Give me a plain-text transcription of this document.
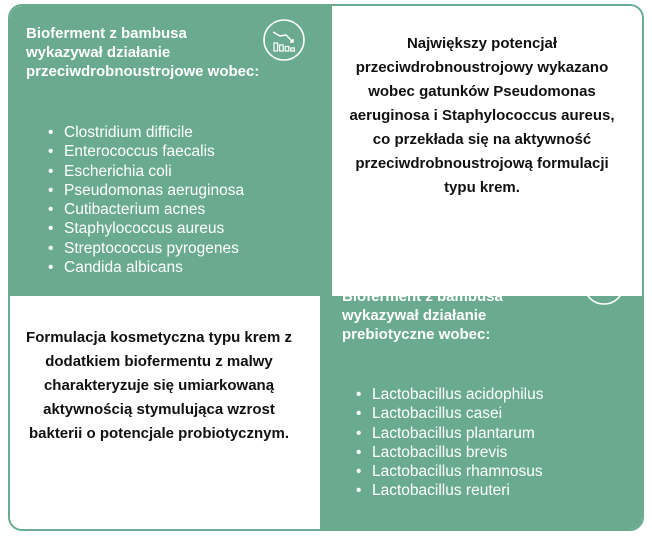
Bioferment z bambusa wykazywał działanie przeciwdrobnoustrojowe wobec:
• Clostridium difficile
• Enterococcus faecalis
• Escherichia coli
• Pseudomonas aeruginosa
• Cutibacterium acnes
• Staphylococcus aureus
• Streptococcus pyrogenes
• Candida albicans
Największy potencjał przeciwdrobnoustrojowy wykazano wobec gatunków Pseudomonas aeruginosa i Staphylococcus aureus, co przekłada się na aktywność przeciwdrobnoustrojową formulacji typu krem.
Formulacja kosmetyczna typu krem z dodatkiem biofermentu z malwy charakteryzuje się umiarkowaną aktywnością stymulująca wzrost bakterii o potencjale probiotycznym.
Bioferment z bambusa wykazywał działanie prebiotyczne wobec:
• Lactobacillus acidophilus
• Lactobacillus casei
• Lactobacillus plantarum
• Lactobacillus brevis
• Lactobacillus rhamnosus
• Lactobacillus reuteri
